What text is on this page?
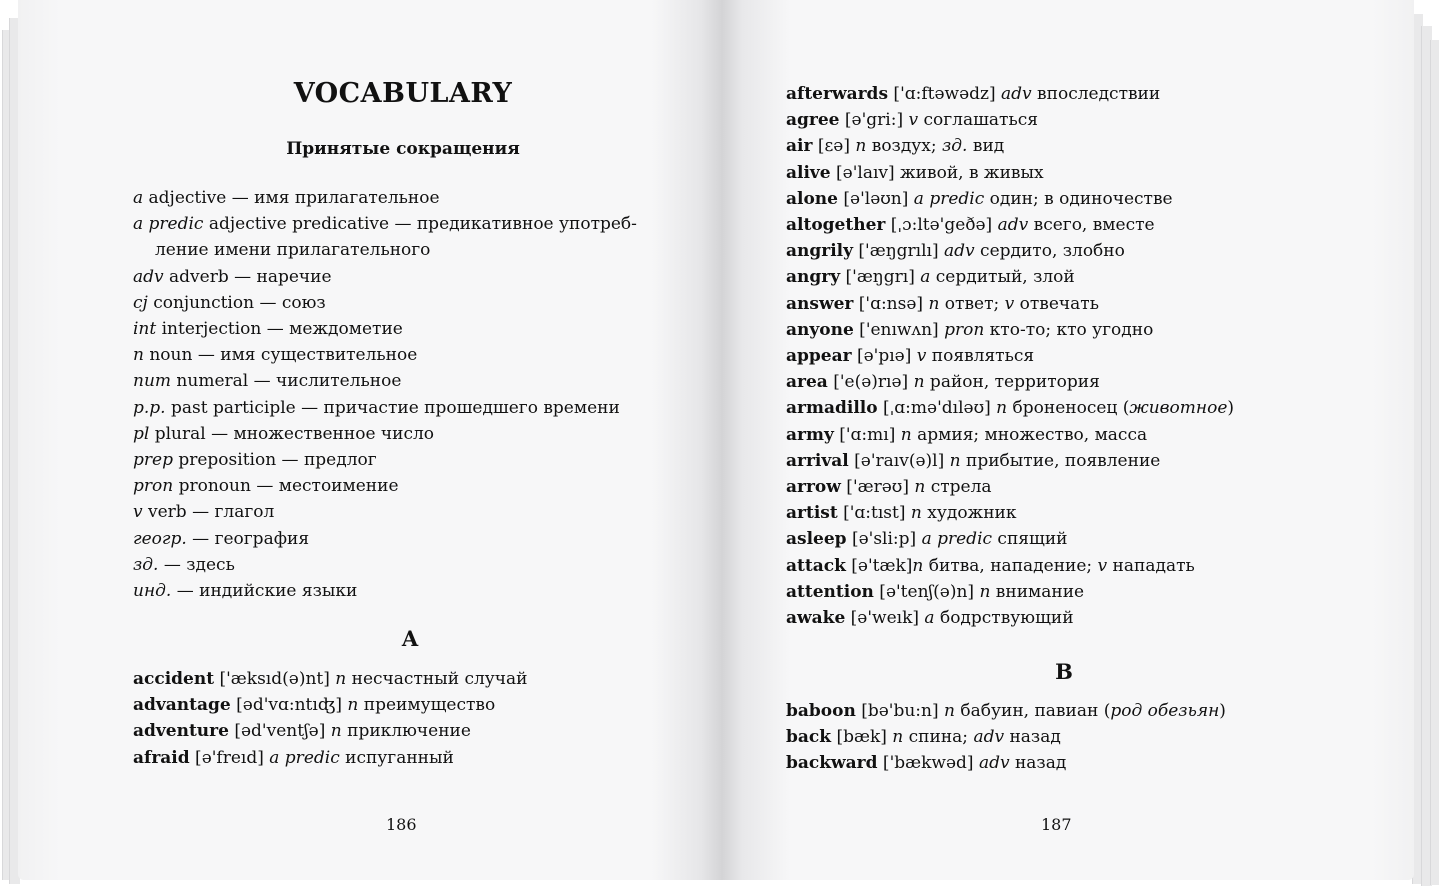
VOCABULARY
Принятые сокращения
a adjective — имя прилагательное
a predic adjective predicative — предикативное употреб-
ление имени прилагательного
adv adverb — наречие
cj conjunction — союз
int interjection — междометие
n noun — имя существительное
num numeral — числительное
p.p. past participle — причастие прошедшего времени
pl plural — множественное число
prep preposition — предлог
pron pronoun — местоимение
v verb — глагол
геогр. — география
зд. — здесь
инд. — индийские языки
A
accident ['æksıd(ə)nt] n несчастный случай
advantage [əd'vɑ:ntıʤ] n преимущество
adventure [əd'ventʃə] n приключение
afraid [ə'freıd] a predic испуганный
186
afterwards ['ɑ:ftəwədz] adv впоследствии
agree [ə'gri:] v соглашаться
air [εə] n воздух; зд. вид
alive [ə'laıv] живой, в живых
alone [ə'ləʊn] a predic один; в одиночестве
altogether [ˌɔ:ltə'geðə] adv всего, вместе
angrily ['æŋgrılı] adv сердито, злобно
angry ['æŋgrı] a сердитый, злой
answer ['ɑ:nsə] n ответ; v отвечать
anyone ['enıwʌn] pron кто-то; кто угодно
appear [ə'pıə] v появляться
area ['e(ə)rıə] n район, территория
armadillo [ˌɑ:mə'dıləʊ] n броненосец (животное)
army ['ɑ:mı] n армия; множество, масса
arrival [ə'raıv(ə)l] n прибытие, появление
arrow ['ærəʊ] n стрела
artist ['ɑ:tıst] n художник
asleep [ə'sli:p] a predic спящий
attack [ə'tæk]n битва, нападение; v нападать
attention [ə'tenʃ(ə)n] n внимание
awake [ə'weık] a бодрствующий
B
baboon [bə'bu:n] n бабуин, павиан (род обезьян)
back [bæk] n спина; adv назад
backward ['bækwəd] adv назад
187
